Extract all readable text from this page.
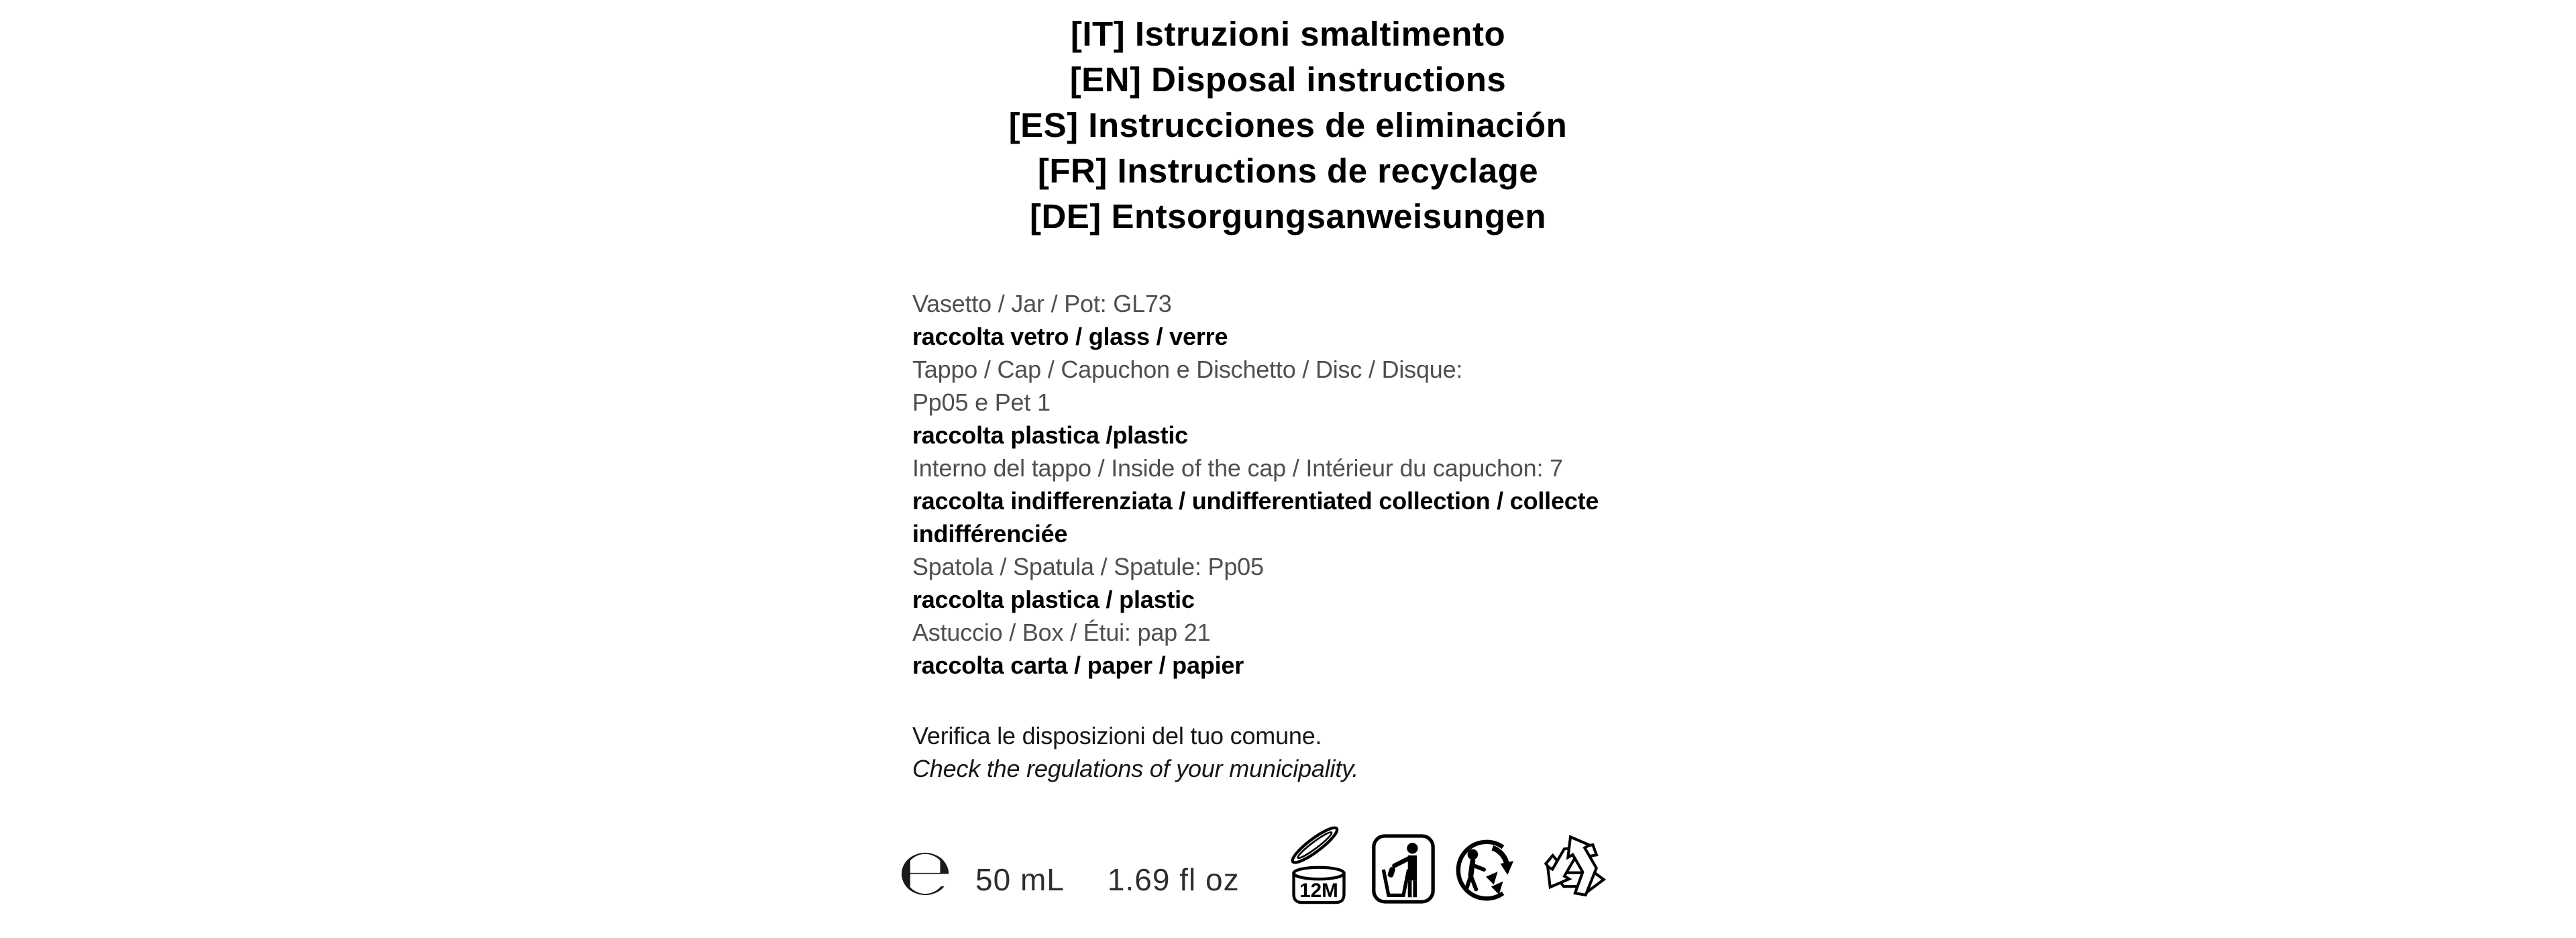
[IT] Istruzioni smaltimento
[EN] Disposal instructions
[ES] Instrucciones de eliminación
[FR] Instructions de recyclage
[DE] Entsorgungsanweisungen
Vasetto / Jar / Pot: GL73
raccolta vetro / glass / verre
Tappo / Cap / Capuchon e Dischetto / Disc / Disque:
Pp05 e Pet 1
raccolta plastica /plastic
Interno del tappo / Inside of the cap / Intérieur du capuchon: 7
raccolta indifferenziata / undifferentiated collection / collecte
indifférenciée
Spatola / Spatula / Spatule: Pp05
raccolta plastica / plastic
Astuccio / Box / Étui: pap 21
raccolta carta / paper / papier
Verifica le disposizioni del tuo comune.
Check the regulations of your municipality.
℮ 50 mL 1.69 fl oz	12M
